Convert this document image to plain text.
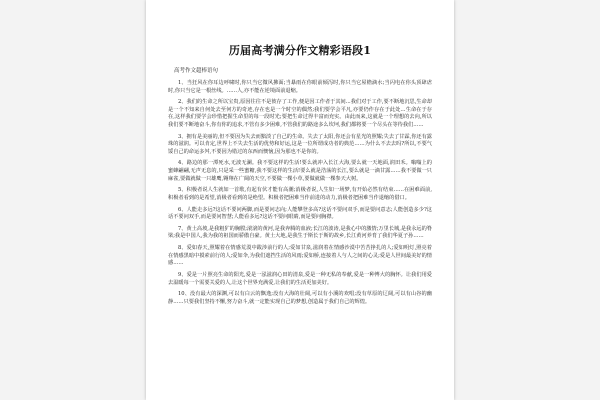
历届高考满分作文精彩语段1
高考作文超棒语句

1、当狂风在你耳边呼啸时,你只当它微风拂面;当暴雨在你眼前倾泻时,你只当它屋檐滴水;当闪电在你头顶肆虐时,你只当它是一根丝线。……人,亦不能在逆境面前退缩。

2、我们的生命之所以宝贵,原因往往不是彼存了工作,便是因工作者于其间...我们对于工作,要不断地沉思,生命却是一个不知来自何处去至何方的奇迹,存在也是一个时空的偶然;我们要学会平凡,亦要仍作存在于此处…生命在于存在,这样我们要学会珍惜把握生命里的每一段时光;要把生命过得丰富而充实。由此而来,这就是一个理想的去向,所以我们要不断地奋斗,你有你的追求,不管有多少困难,不管我们的路途多么坎坷,我们都将要一个尽头在等待我们……

3、拥有是美丽的,但不要因为失去而黯淡了自己的生命。失去了太阳,你还会有星光的照耀;失去了甘霖,你还有露珠的滋润。可以肯定,世界上不失去生活的优势和好运,这是一位所谓成功者的典范……为什么不去去吗?所以,不要气馁自己的命运多舛,不要因为错过的东西而懊恼,因为那也不是你的。

4、路边的那一潭死水,无波无澜。我不要这样的生活!要么就冲入长江大海,要么就一天地面,润田禾。嗡嗡上的蜜蜂翩翩,无声无息的,只是采一些蜜糖,我不要这样的生活!要么就是浩荡的长江,要么就是一滴甘露……我不要做一只麻雀,要做就做一只雄鹰,翱翔在广阔的天空,不要做一棵小草,要做就做一棵参天大树。

5、积极者说人生就如一首歌,有起有伏才能有高潮;消极者说,人生如一场梦,有开始必然有结束……在困难面前,积极者看到的是希望,消极者看到的是绝望。积极者把困难当作前进的动力,消极者把困难当作退缩的借口。

6、人能走多远?这话不要问两脚,而是要问志向;人能攀登多高?这话不要问双手,而是要问意志;人能创造多少?这话不要问双手,而是要问智慧;人能看多远?这话不要问眼睛,而是要问胸襟。

7、黄土高坡,是我粗犷的胸膛;滚滚的黄河,是我奔腾的血液;长江的波涛,是我心中的激情;万里长城,是我永远的脊梁;我是中国人,我为我的祖国而骄傲自豪。黄土大地,是我生于斯长于斯的故乡,长江黄河养育了我们华夏子孙……

8、爱如春天,照耀着在情感荒漠中跋涉前行的人;爱如甘泉,滋润着在情感沙漠中苦苦挣扎的人;爱如明灯,照亮着在情感黑暗中摸索前行的人;爱如伞,为我们遮挡生活的风雨;爱如桥,连接着人与人之间的心灵;爱是人世间最美好的情感……

9、爱是一片照亮生命的阳光,爱是一泓滋润心田的清泉,爱是一种无私的奉献,爱是一种博大的胸怀。让我们用爱去温暖每一个需要关爱的人,让这个世界充满爱,让我们的生活更加美好。

10、没有最大的深渊,可以有白云的飘逸;没有大海的壮阔,可以有小溪的欢唱;没有草原的辽阔,可以有山谷的幽静……只要我们坚持不懈,努力奋斗,就一定能实现自己的梦想,创造属于我们自己的辉煌。
